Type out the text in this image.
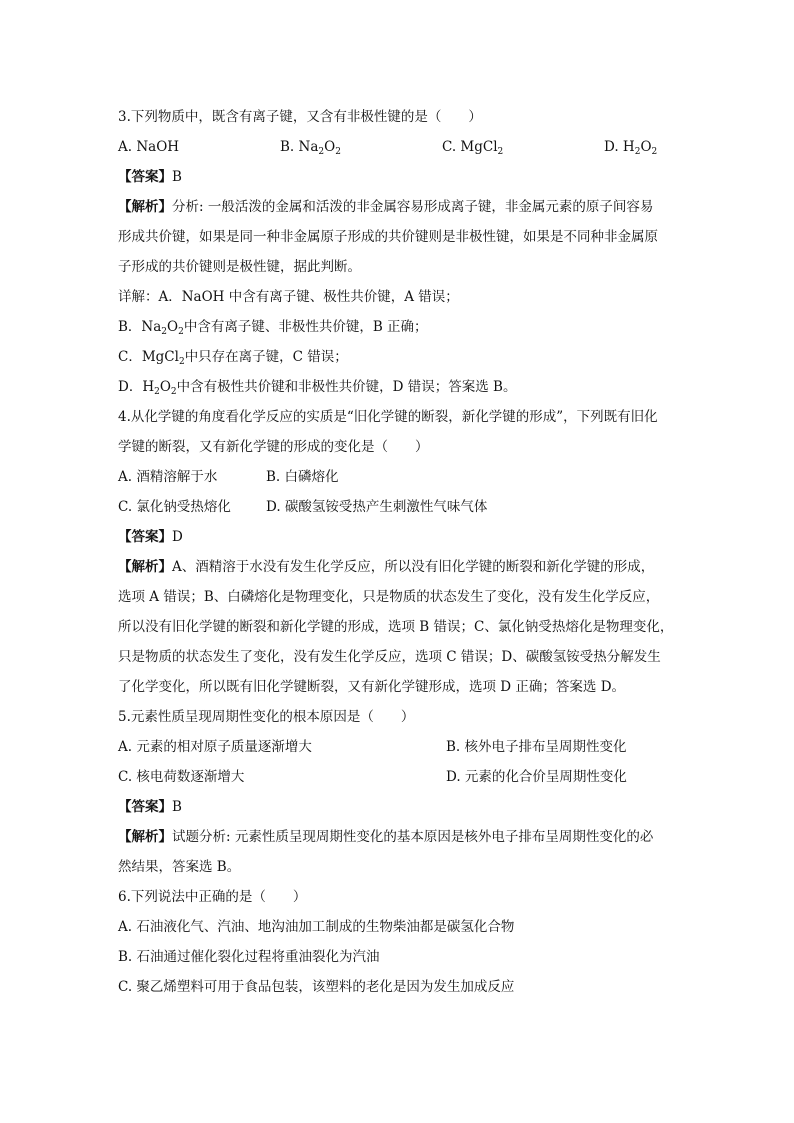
3.下列物质中，既含有离子键，又含有非极性键的是（　　）
A. NaOH	B. $Na_2O_2$	C. MgCl$_2$	D. $H_2O_2$
【答案】B
【解析】分析: 一般活泼的金属和活泼的非金属容易形成离子键，非金属元素的原子间容易
形成共价键，如果是同一种非金属原子形成的共价键则是非极性键，如果是不同种非金属原
子形成的共价键则是极性键，据此判断。
详解：A．NaOH 中含有离子键、极性共价键，A 错误；
B．$Na_2O_2$中含有离子键、非极性共价键，B 正确；
C．MgCl$_2$中只存在离子键，C 错误；
D．$H_2O_2$中含有极性共价键和非极性共价键，D 错误；答案选 B。
4.从化学键的角度看化学反应的实质是“旧化学键的断裂，新化学键的形成”，下列既有旧化
学键的断裂，又有新化学键的形成的变化是（　　）
A. 酒精溶解于水	B. 白磷熔化
C. 氯化钠受热熔化	D. 碳酸氢铵受热产生刺激性气味气体
【答案】D
【解析】A、酒精溶于水没有发生化学反应，所以没有旧化学键的断裂和新化学键的形成，
选项 A 错误；B、白磷熔化是物理变化，只是物质的状态发生了变化，没有发生化学反应，
所以没有旧化学键的断裂和新化学键的形成，选项 B 错误；C、氯化钠受热熔化是物理变化，
只是物质的状态发生了变化，没有发生化学反应，选项 C 错误；D、碳酸氢铵受热分解发生
了化学变化，所以既有旧化学键断裂，又有新化学键形成，选项 D 正确；答案选 D。
5.元素性质呈现周期性变化的根本原因是（　　）
A. 元素的相对原子质量逐渐增大	B. 核外电子排布呈周期性变化
C. 核电荷数逐渐增大	D. 元素的化合价呈周期性变化
【答案】B
【解析】试题分析: 元素性质呈现周期性变化的基本原因是核外电子排布呈周期性变化的必
然结果，答案选 B。
6.下列说法中正确的是（　　）
A. 石油液化气、汽油、地沟油加工制成的生物柴油都是碳氢化合物
B. 石油通过催化裂化过程将重油裂化为汽油
C. 聚乙烯塑料可用于食品包装，该塑料的老化是因为发生加成反应
